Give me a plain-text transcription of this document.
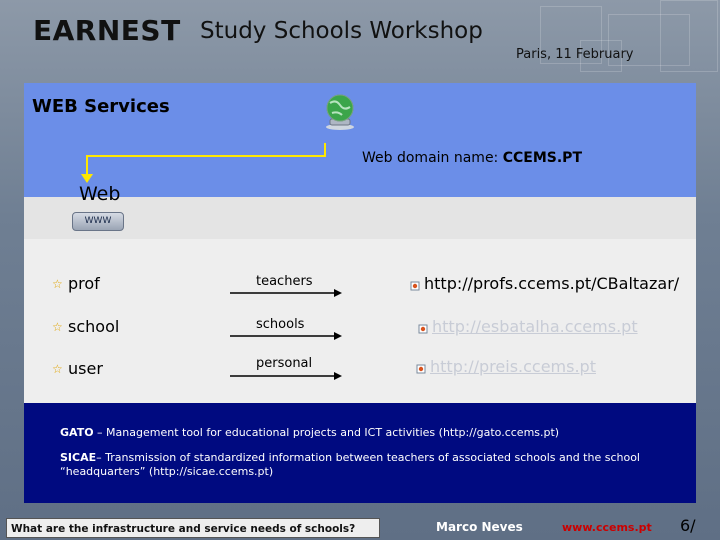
EARNEST Study Schools Workshop
Paris, 11 February
WEB Services
Web domain name: CCEMS.PT
Web
WWW
☆ prof	teachers	http://profs.ccems.pt/CBaltazar/
☆ school	schools	http://esbatalha.ccems.pt
☆ user	personal	http://preis.ccems.pt
GATO – Management tool for educational projects and ICT activities (http://gato.ccems.pt)
SICAE– Transmission of standardized information between teachers of associated schools and the school “headquarters” (http://sicae.ccems.pt)
What are the infrastructure and service needs of schools?	Marco Neves	www.ccems.pt 6/
